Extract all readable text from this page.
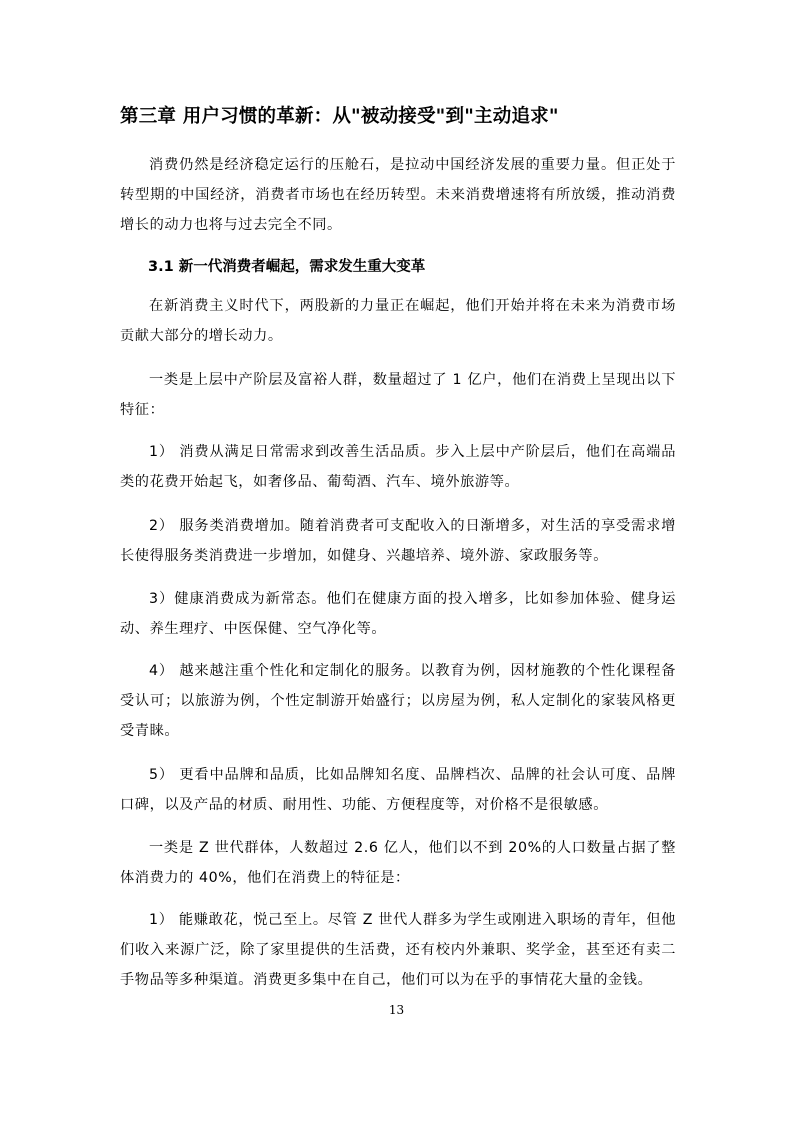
第三章 用户习惯的革新：从"被动接受"到"主动追求"

消费仍然是经济稳定运行的压舱石，是拉动中国经济发展的重要力量。但正处于转型期的中国经济，消费者市场也在经历转型。未来消费增速将有所放缓，推动消费增长的动力也将与过去完全不同。

3.1 新一代消费者崛起，需求发生重大变革

在新消费主义时代下，两股新的力量正在崛起，他们开始并将在未来为消费市场贡献大部分的增长动力。

一类是上层中产阶层及富裕人群，数量超过了 1 亿户，他们在消费上呈现出以下特征：

1） 消费从满足日常需求到改善生活品质。步入上层中产阶层后，他们在高端品类的花费开始起飞，如奢侈品、葡萄酒、汽车、境外旅游等。

2） 服务类消费增加。随着消费者可支配收入的日渐增多，对生活的享受需求增长使得服务类消费进一步增加，如健身、兴趣培养、境外游、家政服务等。

3）健康消费成为新常态。他们在健康方面的投入增多，比如参加体验、健身运动、养生理疗、中医保健、空气净化等。

4） 越来越注重个性化和定制化的服务。以教育为例，因材施教的个性化课程备受认可；以旅游为例，个性定制游开始盛行；以房屋为例，私人定制化的家装风格更受青睐。

5） 更看中品牌和品质，比如品牌知名度、品牌档次、品牌的社会认可度、品牌口碑，以及产品的材质、耐用性、功能、方便程度等，对价格不是很敏感。

一类是 Z 世代群体，人数超过 2.6 亿人，他们以不到 20%的人口数量占据了整体消费力的 40%，他们在消费上的特征是：

1） 能赚敢花，悦己至上。尽管 Z 世代人群多为学生或刚进入职场的青年，但他们收入来源广泛，除了家里提供的生活费，还有校内外兼职、奖学金，甚至还有卖二手物品等多种渠道。消费更多集中在自己，他们可以为在乎的事情花大量的金钱。

13
